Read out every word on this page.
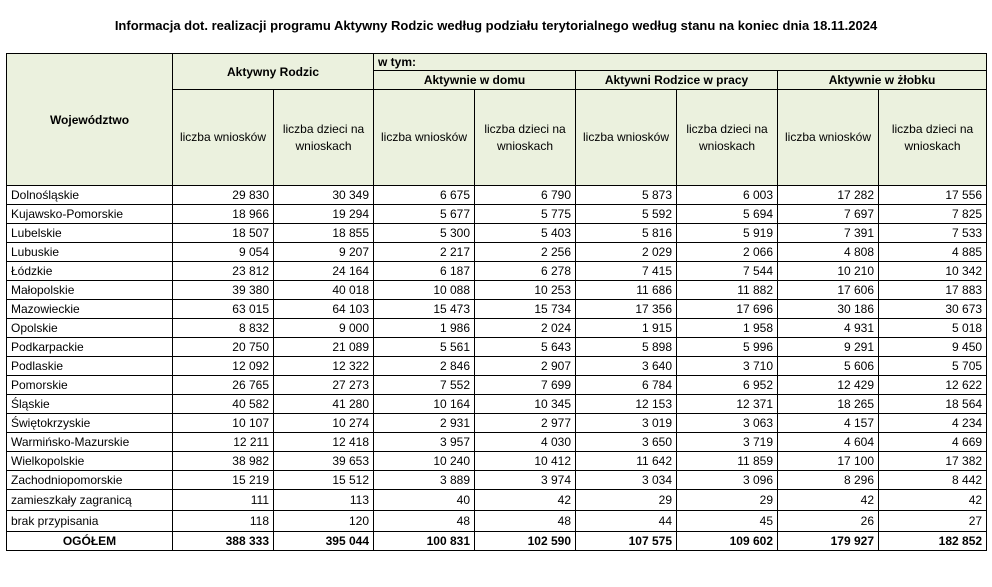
Informacja dot. realizacji programu Aktywny Rodzic według podziału terytorialnego według stanu na koniec dnia 18.11.2024
Województwo	Aktywny Rodzic		w tym:					
			Aktywnie w domu		Aktywni Rodzice w pracy		Aktywnie w żłobku	
	liczba wniosków	liczba dzieci na wnioskach	liczba wniosków	liczba dzieci na wnioskach	liczba wniosków	liczba dzieci na wnioskach	liczba wniosków	liczba dzieci na wnioskach
Dolnośląskie	29 830	30 349	6 675	6 790	5 873	6 003	17 282	17 556
Kujawsko-Pomorskie	18 966	19 294	5 677	5 775	5 592	5 694	7 697	7 825
Lubelskie	18 507	18 855	5 300	5 403	5 816	5 919	7 391	7 533
Lubuskie	9 054	9 207	2 217	2 256	2 029	2 066	4 808	4 885
Łódzkie	23 812	24 164	6 187	6 278	7 415	7 544	10 210	10 342
Małopolskie	39 380	40 018	10 088	10 253	11 686	11 882	17 606	17 883
Mazowieckie	63 015	64 103	15 473	15 734	17 356	17 696	30 186	30 673
Opolskie	8 832	9 000	1 986	2 024	1 915	1 958	4 931	5 018
Podkarpackie	20 750	21 089	5 561	5 643	5 898	5 996	9 291	9 450
Podlaskie	12 092	12 322	2 846	2 907	3 640	3 710	5 606	5 705
Pomorskie	26 765	27 273	7 552	7 699	6 784	6 952	12 429	12 622
Śląskie	40 582	41 280	10 164	10 345	12 153	12 371	18 265	18 564
Świętokrzyskie	10 107	10 274	2 931	2 977	3 019	3 063	4 157	4 234
Warmińsko-Mazurskie	12 211	12 418	3 957	4 030	3 650	3 719	4 604	4 669
Wielkopolskie	38 982	39 653	10 240	10 412	11 642	11 859	17 100	17 382
Zachodniopomorskie	15 219	15 512	3 889	3 974	3 034	3 096	8 296	8 442
zamieszkały zagranicą	111	113	40	42	29	29	42	42
brak przypisania	118	120	48	48	44	45	26	27
OGÓŁEM	388 333	395 044	100 831	102 590	107 575	109 602	179 927	182 852
